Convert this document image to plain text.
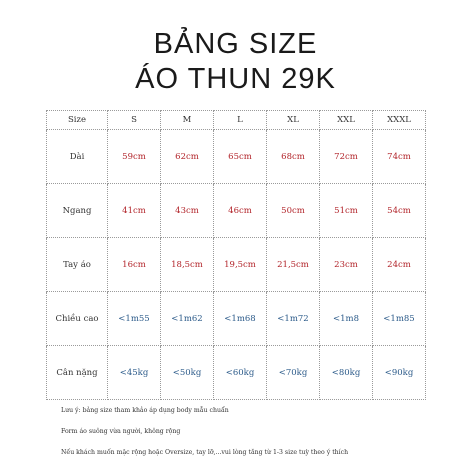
BẢNG SIZE
ÁO THUN 29K
Size	S	M	L	XL	XXL	XXXL
Dài	59cm	62cm	65cm	68cm	72cm	74cm
Ngang	41cm	43cm	46cm	50cm	51cm	54cm
Tay áo	16cm	18,5cm	19,5cm	21,5cm	23cm	24cm
Chiều cao	<1m55	<1m62	<1m68	<1m72	<1m8	<1m85
Cân nặng	<45kg	<50kg	<60kg	<70kg	<80kg	<90kg
Lưu ý: bảng size tham khảo áp dụng body mẫu chuẩn
Form áo suông vừa người, không rộng
Nếu khách muốn mặc rộng hoặc Oversize, tay lỡ,...vui lòng tăng từ 1-3 size tuỳ theo ý thích
